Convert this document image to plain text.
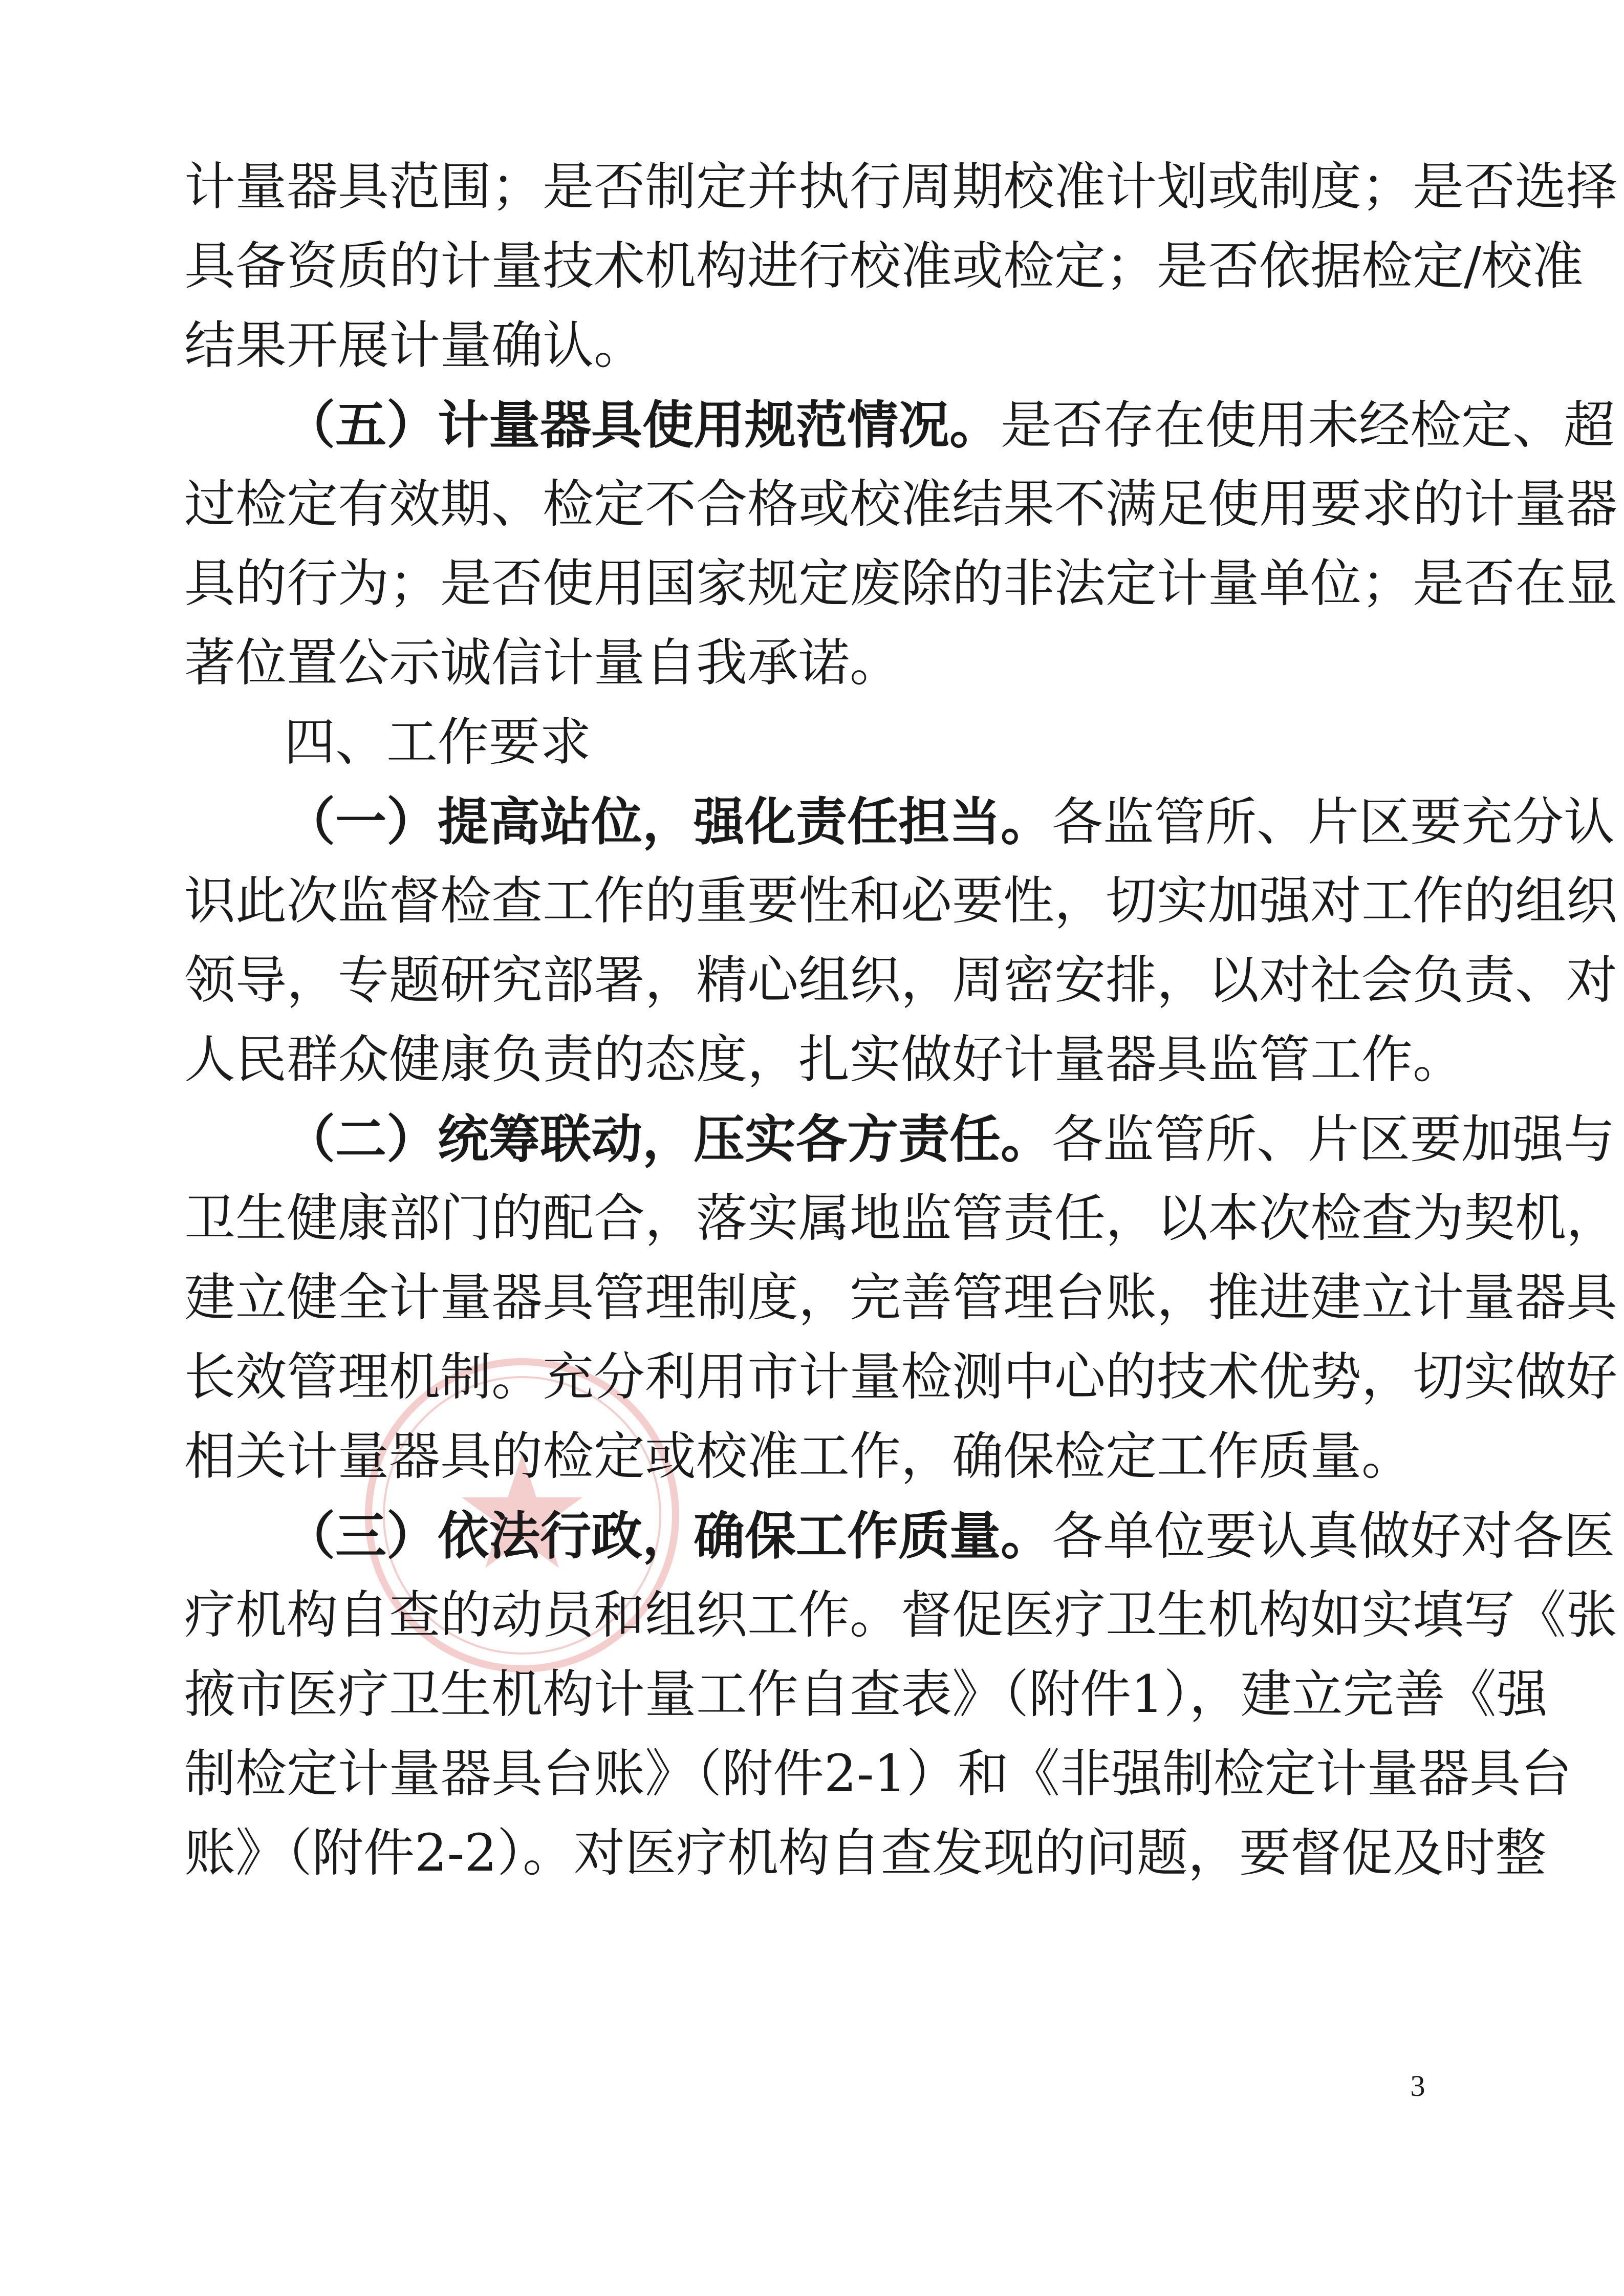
计量器具范围；是否制定并执行周期校准计划或制度；是否选择
具备资质的计量技术机构进行校准或检定；是否依据检定/校准
结果开展计量确认。
（五）计量器具使用规范情况。是否存在使用未经检定、超
过检定有效期、检定不合格或校准结果不满足使用要求的计量器
具的行为；是否使用国家规定废除的非法定计量单位；是否在显
著位置公示诚信计量自我承诺。
四、工作要求
（一）提高站位，强化责任担当。各监管所、片区要充分认
识此次监督检查工作的重要性和必要性，切实加强对工作的组织
领导，专题研究部署，精心组织，周密安排，以对社会负责、对
人民群众健康负责的态度，扎实做好计量器具监管工作。
（二）统筹联动，压实各方责任。各监管所、片区要加强与
卫生健康部门的配合，落实属地监管责任，以本次检查为契机，
建立健全计量器具管理制度，完善管理台账，推进建立计量器具
长效管理机制。充分利用市计量检测中心的技术优势，切实做好
相关计量器具的检定或校准工作，确保检定工作质量。
（三）依法行政，确保工作质量。各单位要认真做好对各医
疗机构自查的动员和组织工作。督促医疗卫生机构如实填写《张
掖市医疗卫生机构计量工作自查表》（附件1），建立完善《强
制检定计量器具台账》（附件2-1）和《非强制检定计量器具台
账》（附件2-2）。对医疗机构自查发现的问题，要督促及时整
3
